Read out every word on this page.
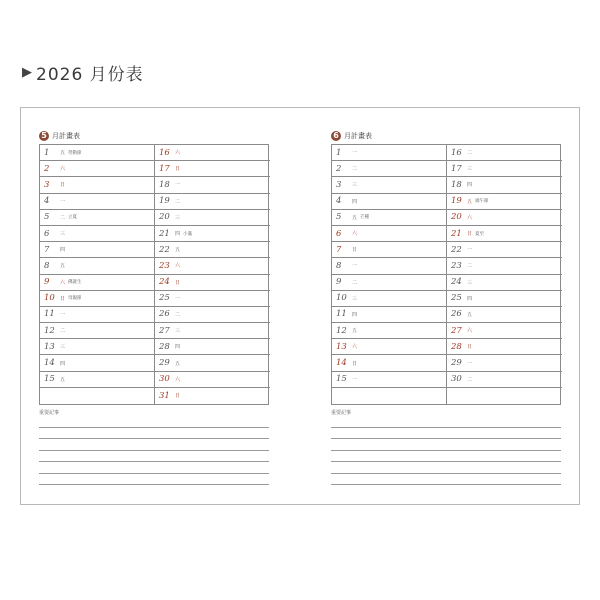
▶ 2026 月份表
5 月計畫表
1	五 勞動節	16	六
2	六	17	日
3	日	18	一
4	一	19	二
5	二 立夏	20	三
6	三	21	四 小滿
7	四	22	五
8	五	23	六
9	六 佛誕生	24	日
10	日 母親節	25	一
11	一	26	二
12	二	27	三
13	三	28	四
14	四	29	五
15	五	30	六
31	日
重要記事
6 月計畫表
1	一	16	二
2	二	17	三
3	三	18	四
4	四	19	五 端午節
5	五 芒種	20	六
6	六	21	日 夏至
7	日	22	一
8	一	23	二
9	二	24	三
10	三	25	四
11	四	26	五
12	五	27	六
13	六	28	日
14	日	29	一
15	一	30	二
重要記事
